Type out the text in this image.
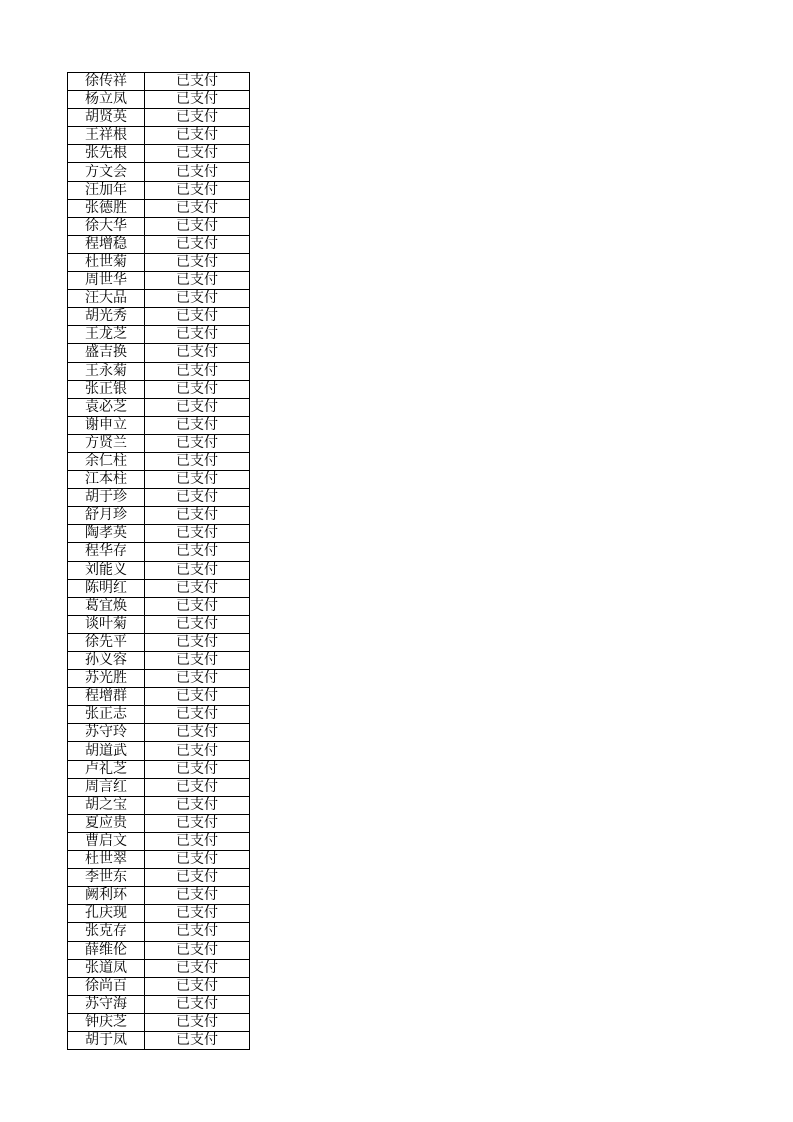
徐传祥	已支付
杨立凤	已支付
胡贤英	已支付
王祥根	已支付
张先根	已支付
方文会	已支付
汪加年	已支付
张德胜	已支付
徐大华	已支付
程增稳	已支付
杜世菊	已支付
周世华	已支付
汪大品	已支付
胡光秀	已支付
王龙芝	已支付
盛吉换	已支付
王永菊	已支付
张正银	已支付
袁必芝	已支付
谢申立	已支付
方贤兰	已支付
余仁柱	已支付
江本柱	已支付
胡于珍	已支付
舒月珍	已支付
陶孝英	已支付
程华存	已支付
刘能义	已支付
陈明红	已支付
葛宜焕	已支付
谈叶菊	已支付
徐先平	已支付
孙义容	已支付
苏光胜	已支付
程增群	已支付
张正志	已支付
苏守玲	已支付
胡道武	已支付
卢礼芝	已支付
周言红	已支付
胡之宝	已支付
夏应贵	已支付
曹启文	已支付
杜世翠	已支付
李世东	已支付
阙利环	已支付
孔庆现	已支付
张克存	已支付
薛维伦	已支付
张道凤	已支付
徐尚百	已支付
苏守海	已支付
钟庆芝	已支付
胡于凤	已支付
